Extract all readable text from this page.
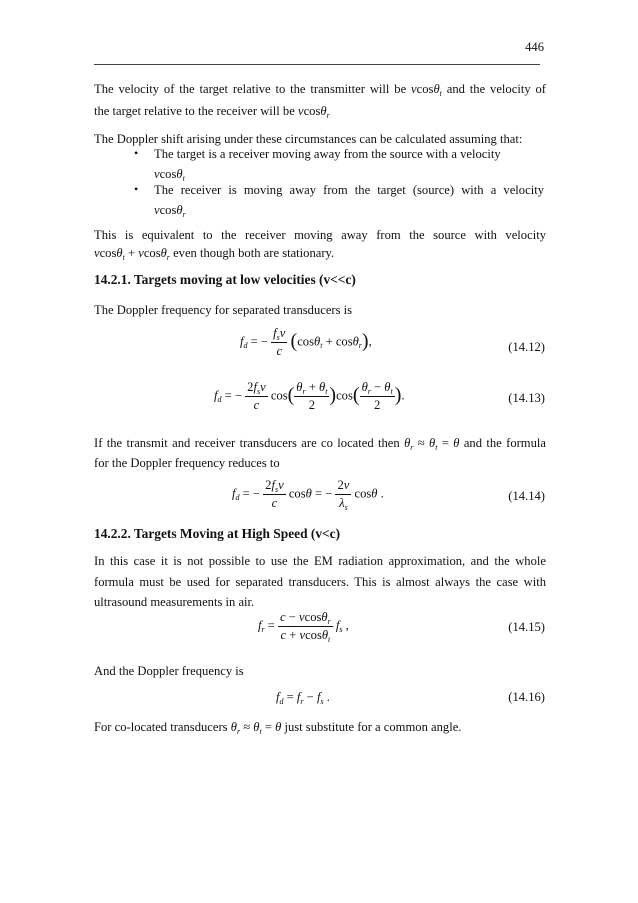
446
The velocity of the target relative to the transmitter will be vcosθ$_t$ and the velocity of
the target relative to the receiver will be vcosθ$_r$
The Doppler shift arising under these circumstances can be calculated assuming that:
• The target is a receiver moving away from the source with a velocity
vcosθ$_t$
• The receiver is moving away from the target (source) with a velocity
vcosθ$_r$
This is equivalent to the receiver moving away from the source with velocity
vcosθ$_t$ + vcosθ$_r$ even though both are stationary.
14.2.1. Targets moving at low velocities (v<<c)
The Doppler frequency for separated transducers is
$f_d$ = − $\frac{f_sv}{c} (\cos\theta_t + \cos\theta_r)$,	(14.12)
$f_d$ = − $\frac{2f_sv}{c} \cos( \frac{\theta_r + \theta_t}{2} )\cos( \frac{\theta_r - \theta_t}{2}$ ).	(14.13)
If the transmit and receiver transducers are co located then $\theta_r \approx \theta_t = \theta$ and the formula
for the Doppler frequency reduces to
$f_d$ = − $\frac{2f_sv}{c}$ cosθ = − $\frac{2v}{\lambda_s}$ cosθ .	(14.14)
14.2.2. Targets Moving at High Speed (v<c)
In this case it is not possible to use the EM radiation approximation, and the whole formula must be used for separated transducers. This is almost always the case with ultrasound measurements in air.
$f_r = \frac{c - vcos\theta_r}{c + vcos\theta_t} f_s$ ,	(14.15)
And the Doppler frequency is
$f_d = f_r - f_s$ .	(14.16)
For co-located transducers $\theta_r \approx \theta_t = \theta$ just substitute for a common angle.
